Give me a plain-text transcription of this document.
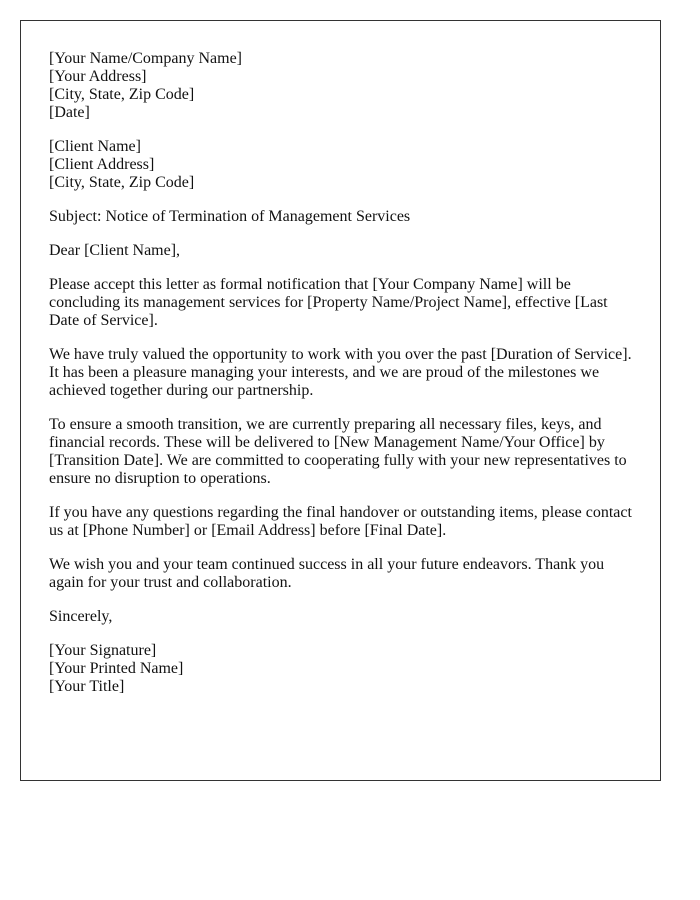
[Your Name/Company Name]
[Your Address]
[City, State, Zip Code]
[Date]
[Client Name]
[Client Address]
[City, State, Zip Code]

Subject: Notice of Termination of Management Services

Dear [Client Name],

Please accept this letter as formal notification that [Your Company Name] will be concluding its management services for [Property Name/Project Name], effective [Last Date of Service].

We have truly valued the opportunity to work with you over the past [Duration of Service]. It has been a pleasure managing your interests, and we are proud of the milestones we achieved together during our partnership.

To ensure a smooth transition, we are currently preparing all necessary files, keys, and financial records. These will be delivered to [New Management Name/Your Office] by [Transition Date]. We are committed to cooperating fully with your new representatives to ensure no disruption to operations.

If you have any questions regarding the final handover or outstanding items, please contact us at [Phone Number] or [Email Address] before [Final Date].

We wish you and your team continued success in all your future endeavors. Thank you again for your trust and collaboration.

Sincerely,

[Your Signature]
[Your Printed Name]
[Your Title]
